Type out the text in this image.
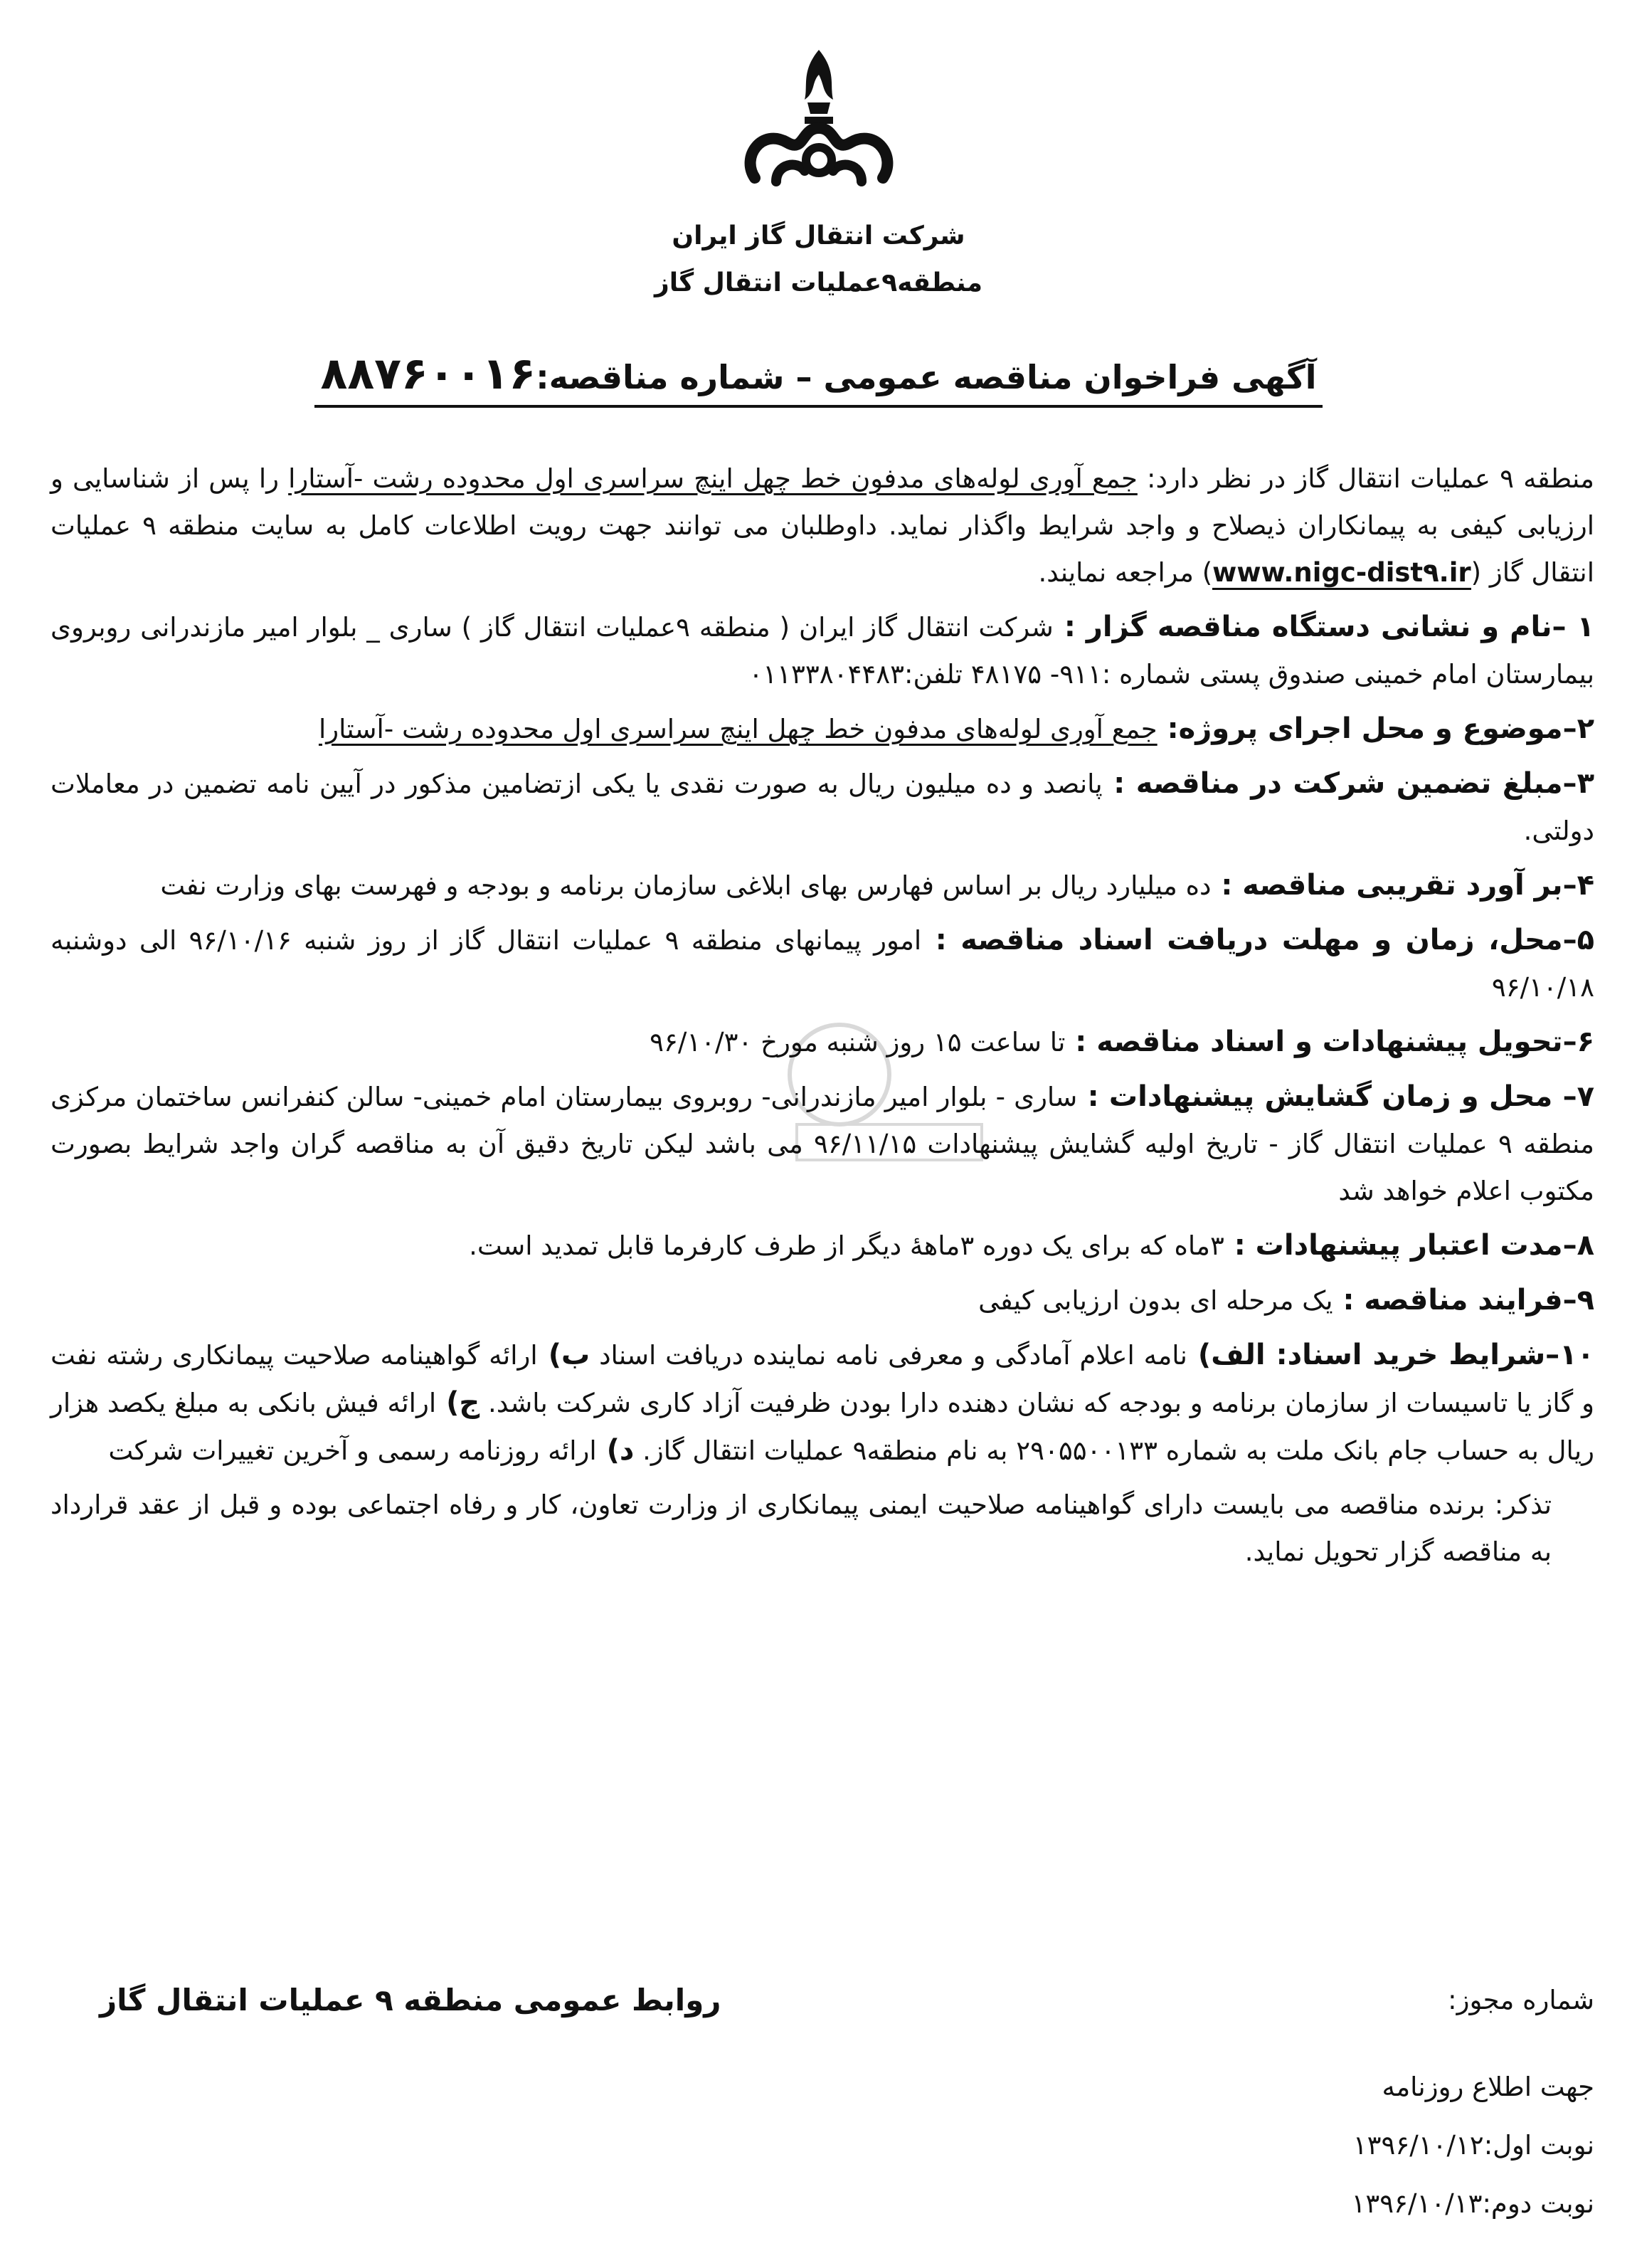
شرکت انتقال گاز ایران
منطقه۹عملیات انتقال گاز
آگهی فراخوان مناقصه عمومی – شماره مناقصه:۸۸۷۶۰۰۱۶

منطقه ۹ عملیات انتقال گاز در نظر دارد: جمع آوری لوله‌های مدفون خط چهل اینچ سراسری اول محدوده رشت -آستارا را پس از شناسایی و ارزیابی کیفی به پیمانکاران ذیصلاح و واجد شرایط واگذار نماید. داوطلبان می توانند جهت رویت اطلاعات کامل به سایت منطقه ۹ عملیات انتقال گاز (www.nigc-dist۹.ir) مراجعه نمایند.

۱ –نام و نشانی دستگاه مناقصه گزار : شرکت انتقال گاز ایران ( منطقه ۹عملیات انتقال گاز ) ساری _ بلوار امیر مازندرانی روبروی بیمارستان امام خمینی صندوق پستی شماره :۹۱۱- ۴۸۱۷۵ تلفن:۰۱۱۳۳۸۰۴۴۸۳

۲–موضوع و محل اجرای پروژه: جمع آوری لوله‌های مدفون خط چهل اینچ سراسری اول محدوده رشت -آستارا

۳–مبلغ تضمین شرکت در مناقصه : پانصد و ده میلیون ریال به صورت نقدی یا یکی ازتضامین مذکور در آیین نامه تضمین در معاملات دولتی.

۴–بر آورد تقریبی مناقصه : ده میلیارد ریال بر اساس فهارس بهای ابلاغی سازمان برنامه و بودجه و فهرست بهای وزارت نفت

۵–محل، زمان و مهلت دریافت اسناد مناقصه : امور پیمانهای منطقه ۹ عملیات انتقال گاز از روز شنبه ۹۶/۱۰/۱۶ الی دوشنبه ۹۶/۱۰/۱۸

۶–تحویل پیشنهادات و اسناد مناقصه : تا ساعت ۱۵ روز شنبه مورخ ۹۶/۱۰/۳۰

۷– محل و زمان گشایش پیشنهادات : ساری - بلوار امیر مازندرانی- روبروی بیمارستان امام خمینی- سالن کنفرانس ساختمان مرکزی منطقه ۹ عملیات انتقال گاز - تاریخ اولیه گشایش پیشنهادات ۹۶/۱۱/۱۵ می باشد لیکن تاریخ دقیق آن به مناقصه گران واجد شرایط بصورت مکتوب اعلام خواهد شد

۸–مدت اعتبار پیشنهادات : ۳ماه که برای یک دوره ۳ماههٔ دیگر از طرف کارفرما قابل تمدید است.

۹–فرایند مناقصه : یک مرحله ای بدون ارزیابی کیفی

۱۰–شرایط خرید اسناد: الف) نامه اعلام آمادگی و معرفی نامه نماینده دریافت اسناد ب) ارائه گواهینامه صلاحیت پیمانکاری رشته نفت و گاز یا تاسیسات از سازمان برنامه و بودجه که نشان دهنده دارا بودن ظرفیت آزاد کاری شرکت باشد. ج) ارائه فیش بانکی به مبلغ یکصد هزار ریال به حساب جام بانک ملت به شماره ۲۹۰۵۵۰۰۱۳۳ به نام منطقه۹ عملیات انتقال گاز. د) ارائه روزنامه رسمی و آخرین تغییرات شرکت

تذکر: برنده مناقصه می بایست دارای گواهینامه صلاحیت ایمنی پیمانکاری از وزارت تعاون، کار و رفاه اجتماعی بوده و قبل از عقد قرارداد به مناقصه گزار تحویل نماید.

شماره مجوز:
جهت اطلاع روزنامه
نوبت اول:۱۳۹۶/۱۰/۱۲
نوبت دوم:۱۳۹۶/۱۰/۱۳
روابط عمومی منطقه ۹ عملیات انتقال گاز
